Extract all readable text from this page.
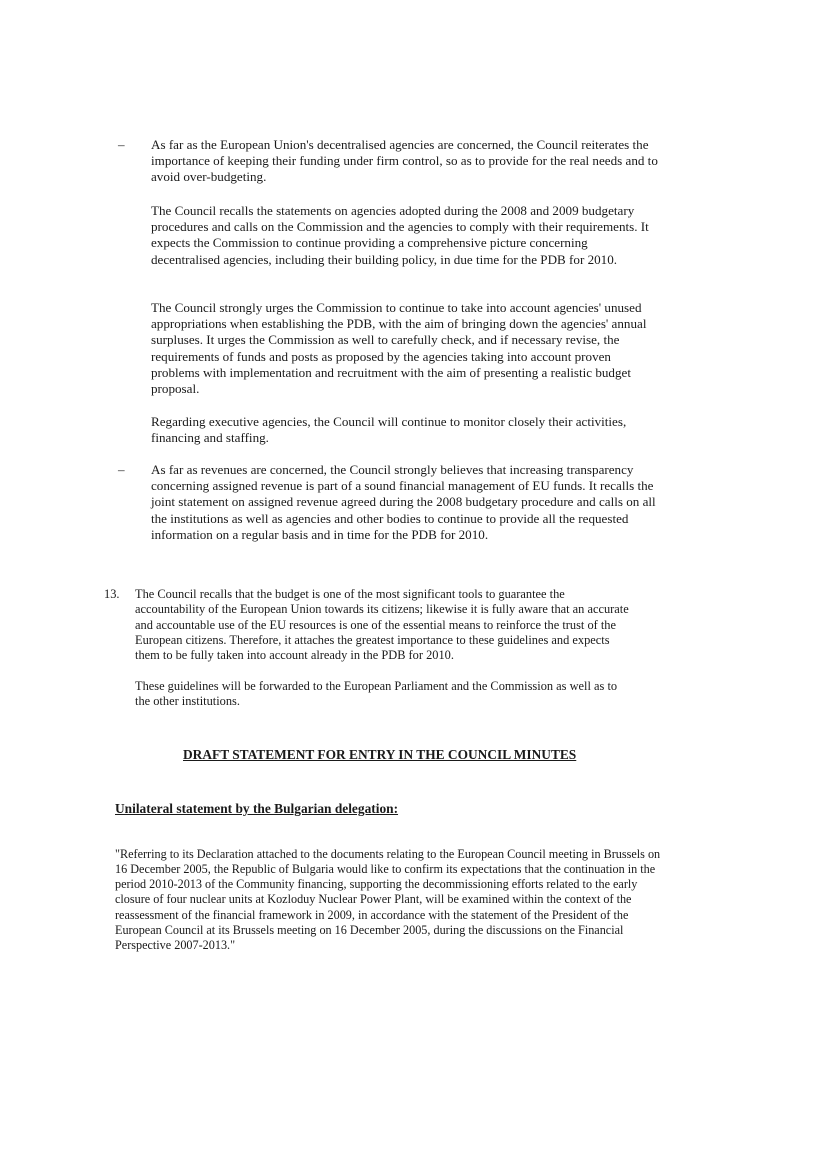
– As far as the European Union's decentralised agencies are concerned, the Council reiterates the importance of keeping their funding under firm control, so as to provide for the real needs and to avoid over-budgeting.

The Council recalls the statements on agencies adopted during the 2008 and 2009 budgetary procedures and calls on the Commission and the agencies to comply with their requirements. It expects the Commission to continue providing a comprehensive picture concerning decentralised agencies, including their building policy, in due time for the PDB for 2010.

The Council strongly urges the Commission to continue to take into account agencies' unused appropriations when establishing the PDB, with the aim of bringing down the agencies' annual surpluses. It urges the Commission as well to carefully check, and if necessary revise, the requirements of funds and posts as proposed by the agencies taking into account proven problems with implementation and recruitment with the aim of presenting a realistic budget proposal.

Regarding executive agencies, the Council will continue to monitor closely their activities, financing and staffing.

– As far as revenues are concerned, the Council strongly believes that increasing transparency concerning assigned revenue is part of a sound financial management of EU funds. It recalls the joint statement on assigned revenue agreed during the 2008 budgetary procedure and calls on all the institutions as well as agencies and other bodies to continue to provide all the requested information on a regular basis and in time for the PDB for 2010.

13. The Council recalls that the budget is one of the most significant tools to guarantee the accountability of the European Union towards its citizens; likewise it is fully aware that an accurate and accountable use of the EU resources is one of the essential means to reinforce the trust of the European citizens. Therefore, it attaches the greatest importance to these guidelines and expects them to be fully taken into account already in the PDB for 2010.

These guidelines will be forwarded to the European Parliament and the Commission as well as to the other institutions.

DRAFT STATEMENT FOR ENTRY IN THE COUNCIL MINUTES

Unilateral statement by the Bulgarian delegation:

"Referring to its Declaration attached to the documents relating to the European Council meeting in Brussels on 16 December 2005, the Republic of Bulgaria would like to confirm its expectations that the continuation in the period 2010-2013 of the Community financing, supporting the decommissioning efforts related to the early closure of four nuclear units at Kozloduy Nuclear Power Plant, will be examined within the context of the reassessment of the financial framework in 2009, in accordance with the statement of the President of the European Council at its Brussels meeting on 16 December 2005, during the discussions on the Financial Perspective 2007-2013."
